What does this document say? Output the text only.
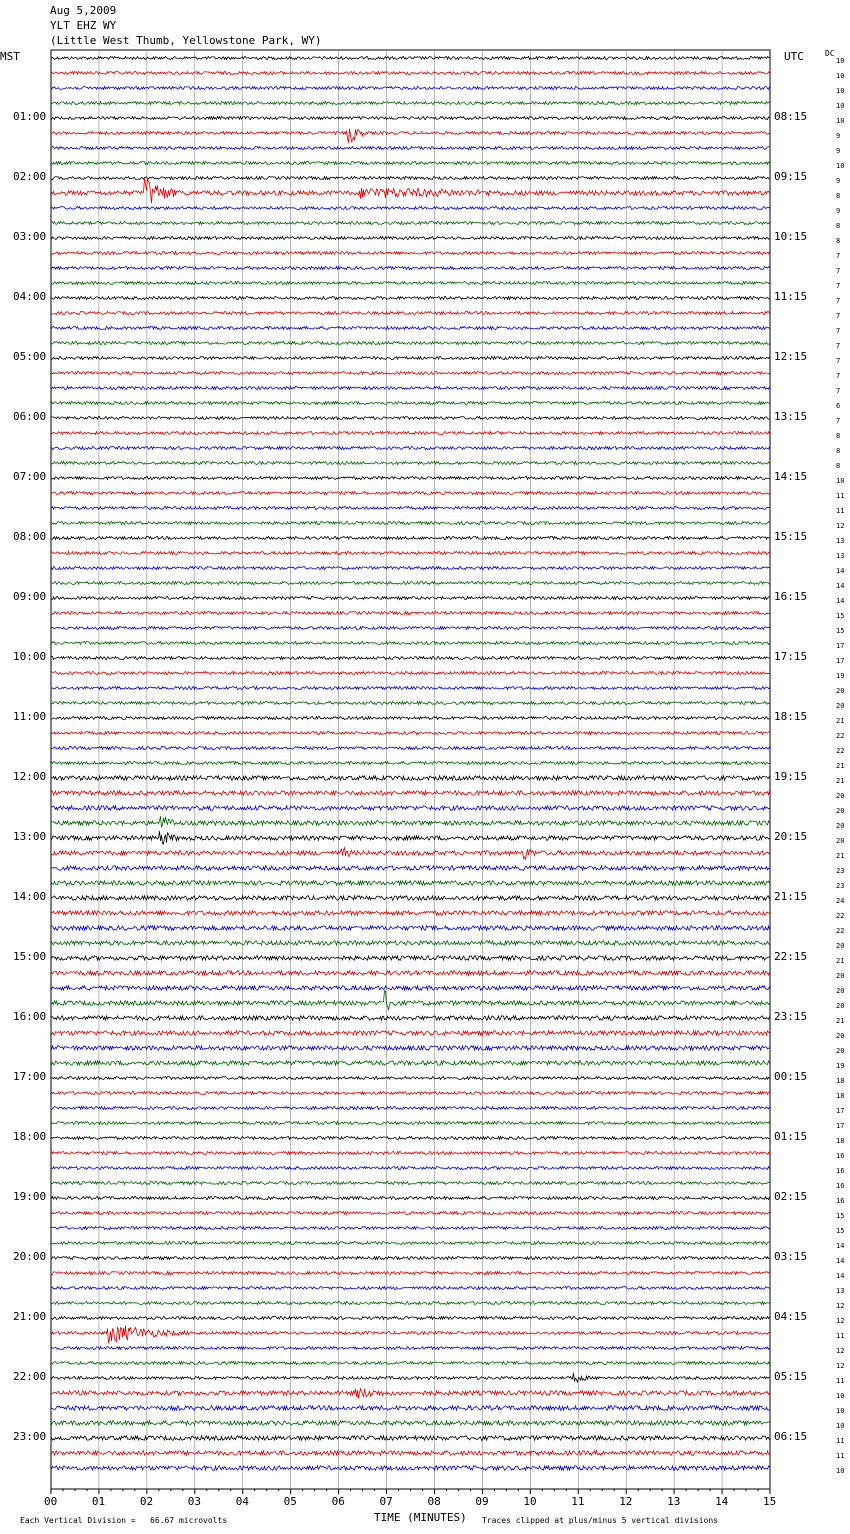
Aug 5,2009
YLT EHZ WY
(Little West Thumb, Yellowstone Park, WY)
10
10
10
10
10
9
9
10
9
8
9
8
8
7
7
7
7
7
7
7
7
7
7
6
7
8
8
8
10
11
11
12
13
13
14
14
14
15
15
17
17
19
20
20
21
22
22
21
21
20
20
20
20
21
23
23
24
22
22
20
21
20
20
20
21
20
20
19
18
18
17
17
18
16
16
16
16
15
15
14
14
14
13
12
12
11
12
12
11
10
10
10
11
11
10
01:00
02:00
03:00
04:00
05:00
06:00
07:00
08:00
09:00
10:00
11:00
12:00
13:00
14:00
15:00
16:00
17:00
18:00
19:00
20:00
21:00
22:00
23:00
08:15
09:15
10:15
11:15
12:15
13:15
14:15
15:15
16:15
17:15
18:15
19:15
20:15
21:15
22:15
23:15
00:15
01:15
02:15
03:15
04:15
05:15
06:15
00	01	02	03	04	05	06	07	08	09	10	11	12	13	14	15
MST	UTC	DC
Each Vertical Division =   66.67 microvolts	TIME (MINUTES) Traces clipped at plus/minus 5 vertical divisions
